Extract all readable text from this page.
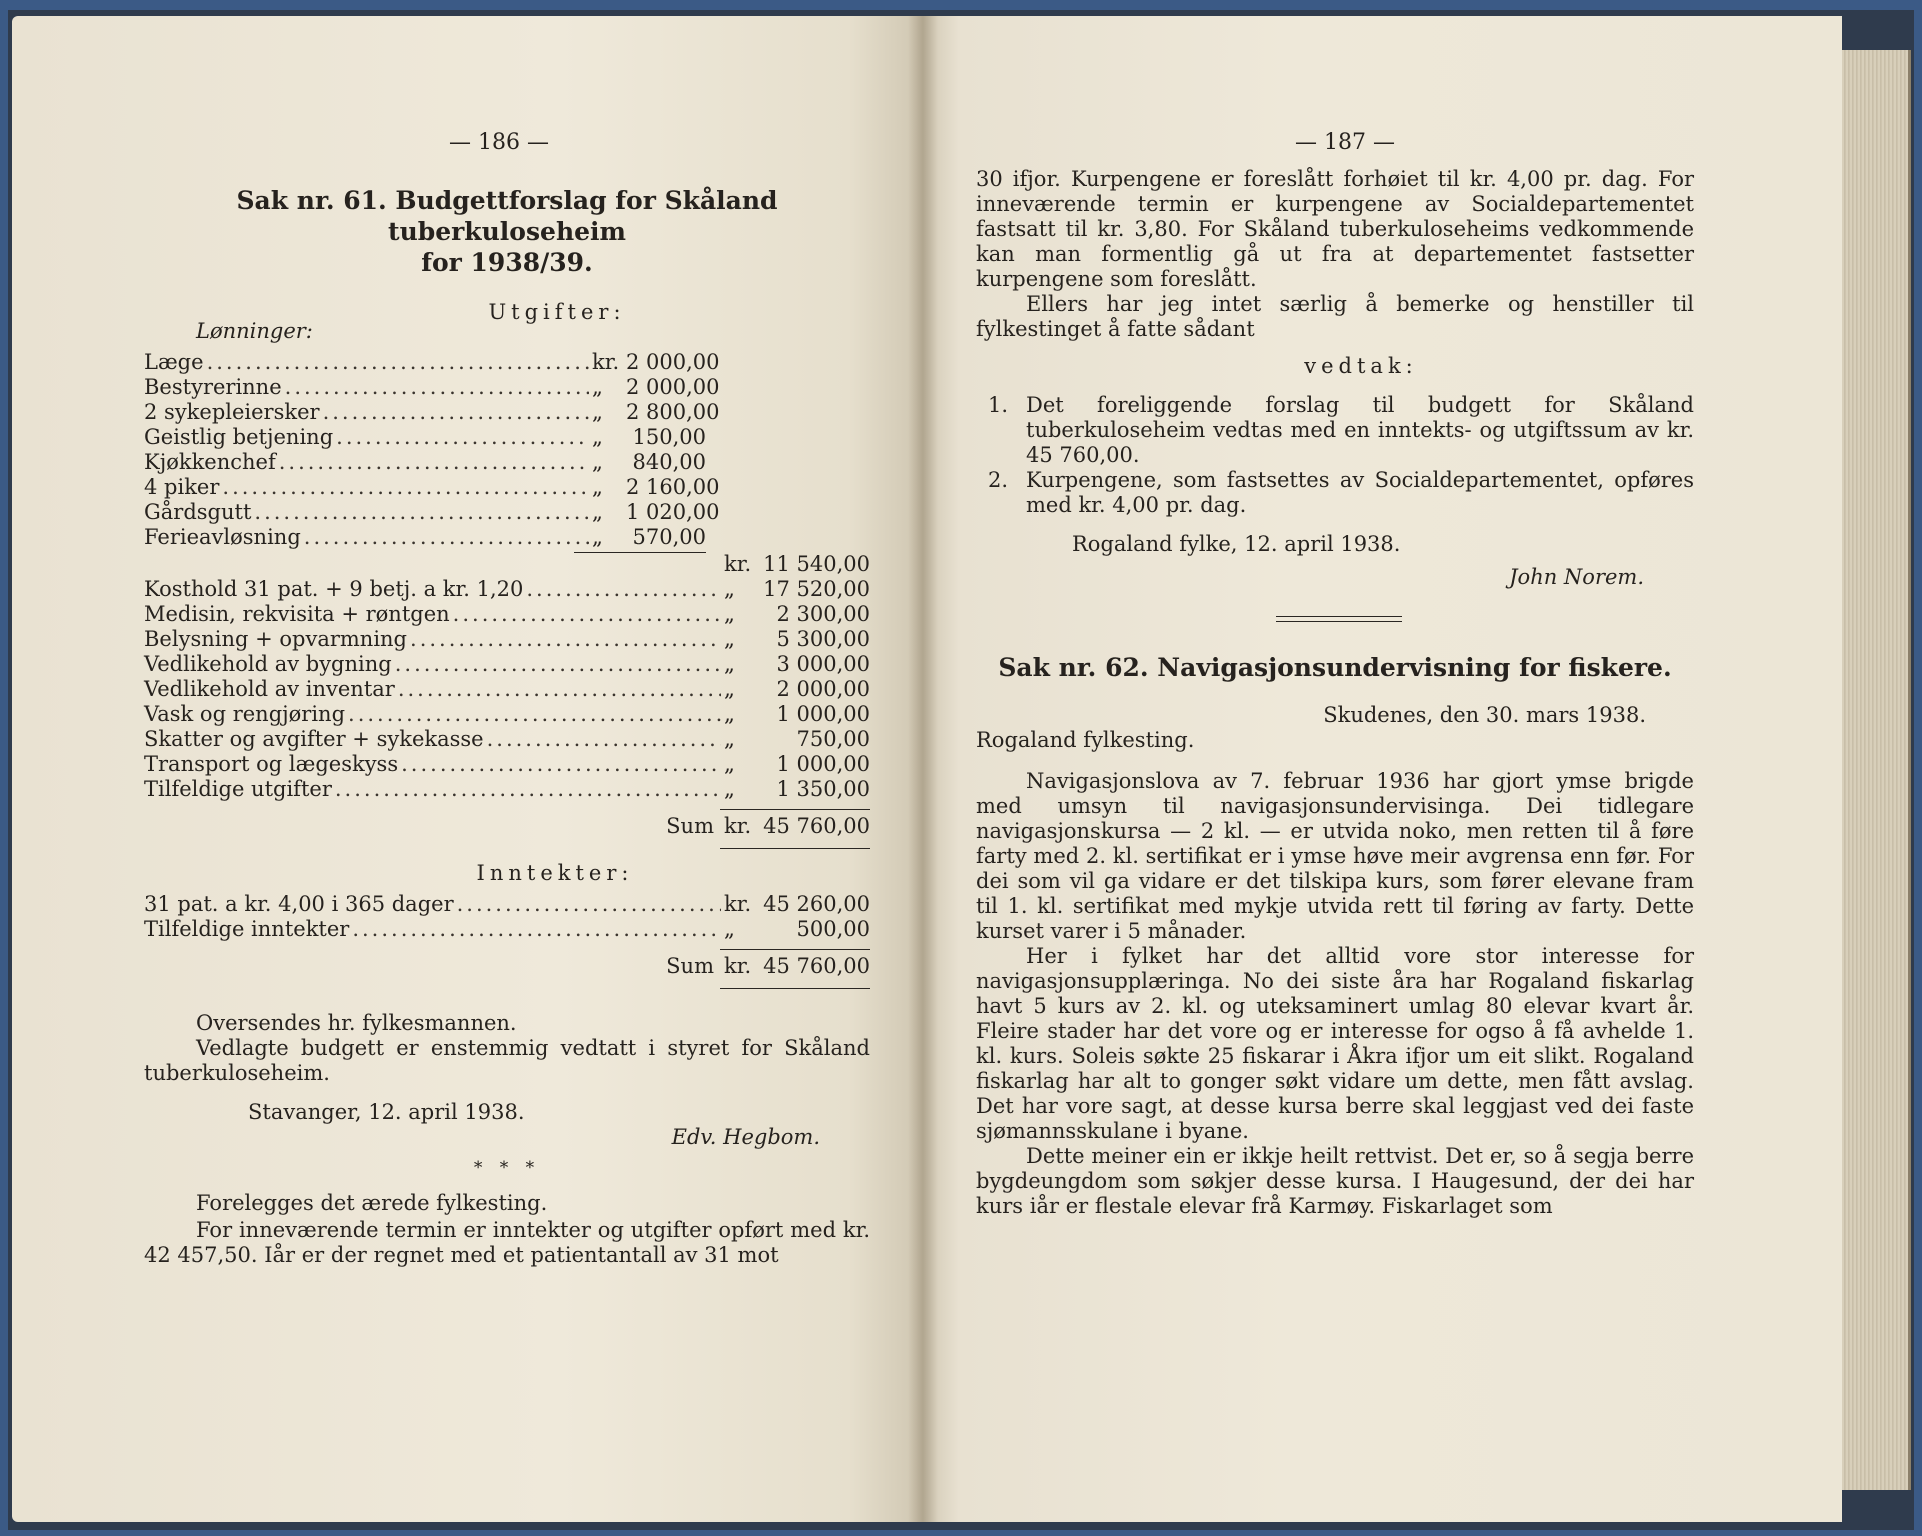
— 186 —
Sak nr. 61. Budgettforslag for Skåland tuberkuloseheim
for 1938/39.
Utgifter:
Lønninger:
Læge .....	kr. 2 000,00
Bestyrerinne .....	„	2 000,00
2 sykepleiersker .....	„	2 800,00
Geistlig betjening .....	„	150,00
Kjøkkenchef .....	„	840,00
4 piker .....	„	2 160,00
Gårdsgutt .....	„	1 020,00
Ferieavløsning .....	„	570,00
kr. 11 540,00
Kosthold 31 pat. + 9 betj. a kr. 1,20 .....	„	17 520,00
Medisin, rekvisita + røntgen .....	„	2 300,00
Belysning + opvarmning .....	„	5 300,00
Vedlikehold av bygning .....	„	3 000,00
Vedlikehold av inventar .....	„	2 000,00
Vask og rengjøring .....	„	1 000,00
Skatter og avgifter + sykekasse .....	„	750,00
Transport og lægeskyss .....	„	1 000,00
Tilfeldige utgifter .....	„	1 350,00
Sum kr. 45 760,00
Inntekter:
31 pat. a kr. 4,00 i 365 dager .....	kr. 45 260,00
Tilfeldige inntekter .....	„	500,00
Sum kr. 45 760,00

Oversendes hr. fylkesmannen.

Vedlagte budgett er enstemmig vedtatt i styret for Skåland tuberkuloseheim.

Stavanger, 12. april 1938.

Edv. Hegbom.

* * *

Forelegges det ærede fylkesting.

For inneværende termin er inntekter og utgifter opført med kr. 42 457,50. Iår er der regnet med et patientantall av 31 mot

— 187 —

30 ifjor. Kurpengene er foreslått forhøiet til kr. 4,00 pr. dag. For inneværende termin er kurpengene av Socialdepartementet fastsatt til kr. 3,80. For Skåland tuberkuloseheims vedkommende kan man formentlig gå ut fra at departementet fastsetter kurpengene som foreslått.

Ellers har jeg intet særlig å bemerke og henstiller til fylkestinget å fatte sådant

vedtak:
1. Det foreliggende forslag til budgett for Skåland tuberkuloseheim vedtas med en inntekts- og utgiftssum av kr. 45 760,00.
2. Kurpengene, som fastsettes av Socialdepartementet, opføres med kr. 4,00 pr. dag.

Rogaland fylke, 12. april 1938.

John Norem.

Sak nr. 62. Navigasjonsundervisning for fiskere.

Skudenes, den 30. mars 1938.

Rogaland fylkesting.

Navigasjonslova av 7. februar 1936 har gjort ymse brigde med umsyn til navigasjonsundervisinga. Dei tidlegare navigasjonskursa — 2 kl. — er utvida noko, men retten til å føre farty med 2. kl. sertifikat er i ymse høve meir avgrensa enn før. For dei som vil ga vidare er det tilskipa kurs, som fører elevane fram til 1. kl. sertifikat med mykje utvida rett til føring av farty. Dette kurset varer i 5 månader.

Her i fylket har det alltid vore stor interesse for navigasjonsupplæringa. No dei siste åra har Rogaland fiskarlag havt 5 kurs av 2. kl. og uteksaminert umlag 80 elevar kvart år. Fleire stader har det vore og er interesse for ogso å få avhelde 1. kl. kurs. Soleis søkte 25 fiskarar i Åkra ifjor um eit slikt. Rogaland fiskarlag har alt to gonger søkt vidare um dette, men fått avslag. Det har vore sagt, at desse kursa berre skal leggjast ved dei faste sjømannsskulane i byane.

Dette meiner ein er ikkje heilt rettvist. Det er, so å segja berre bygdeungdom som søkjer desse kursa. I Haugesund, der dei har kurs iår er flestale elevar frå Karmøy. Fiskarlaget som
